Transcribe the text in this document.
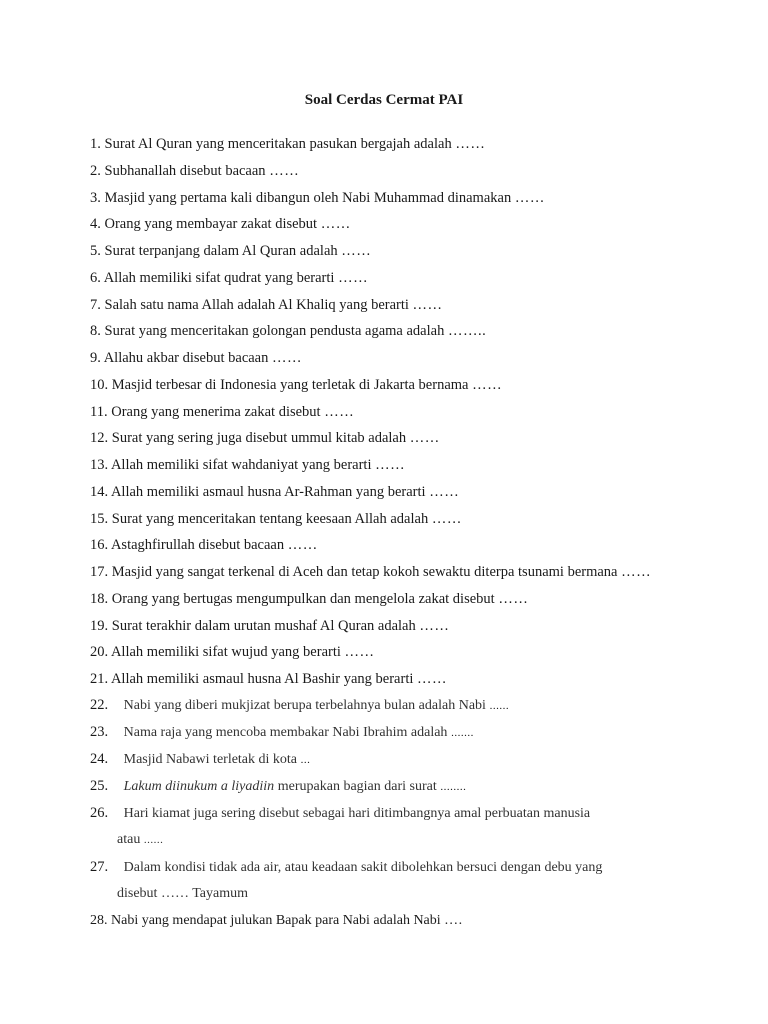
Soal Cerdas Cermat PAI
1. Surat Al Quran yang menceritakan pasukan bergajah adalah ……
2. Subhanallah disebut bacaan ……
3. Masjid yang pertama kali dibangun oleh Nabi Muhammad dinamakan ……
4. Orang yang membayar zakat disebut ……
5. Surat terpanjang dalam Al Quran adalah ……
6. Allah memiliki sifat qudrat yang berarti ……
7. Salah satu nama Allah adalah Al Khaliq yang berarti ……
8. Surat yang menceritakan golongan pendusta agama adalah ……..
9. Allahu akbar disebut bacaan ……
10. Masjid terbesar di Indonesia yang terletak di Jakarta bernama ……
11. Orang yang menerima zakat disebut ……
12. Surat yang sering juga disebut ummul kitab adalah ……
13. Allah memiliki sifat wahdaniyat yang berarti ……
14. Allah memiliki asmaul husna Ar-Rahman yang berarti ……
15. Surat yang menceritakan tentang keesaan Allah adalah ……
16. Astaghfirullah disebut bacaan ……
17. Masjid yang sangat terkenal di Aceh dan tetap kokoh sewaktu diterpa tsunami bermana ……
18. Orang yang bertugas mengumpulkan dan mengelola zakat disebut ……
19. Surat terakhir dalam urutan mushaf Al Quran adalah ……
20. Allah memiliki sifat wujud yang berarti ……
21. Allah memiliki asmaul husna Al Bashir yang berarti ……
22. Nabi yang diberi mukjizat berupa terbelahnya bulan adalah Nabi ......
23. Nama raja yang mencoba membakar Nabi Ibrahim adalah .......
24. Masjid Nabawi terletak di kota ...
25. Lakum diinukum a liyadiin merupakan bagian dari surat ........
26. Hari kiamat juga sering disebut sebagai hari ditimbangnya amal perbuatan manusia
atau ......
27. Dalam kondisi tidak ada air, atau keadaan sakit dibolehkan bersuci dengan debu yang
disebut …… Tayamum
28. Nabi yang mendapat julukan Bapak para Nabi adalah Nabi ….
